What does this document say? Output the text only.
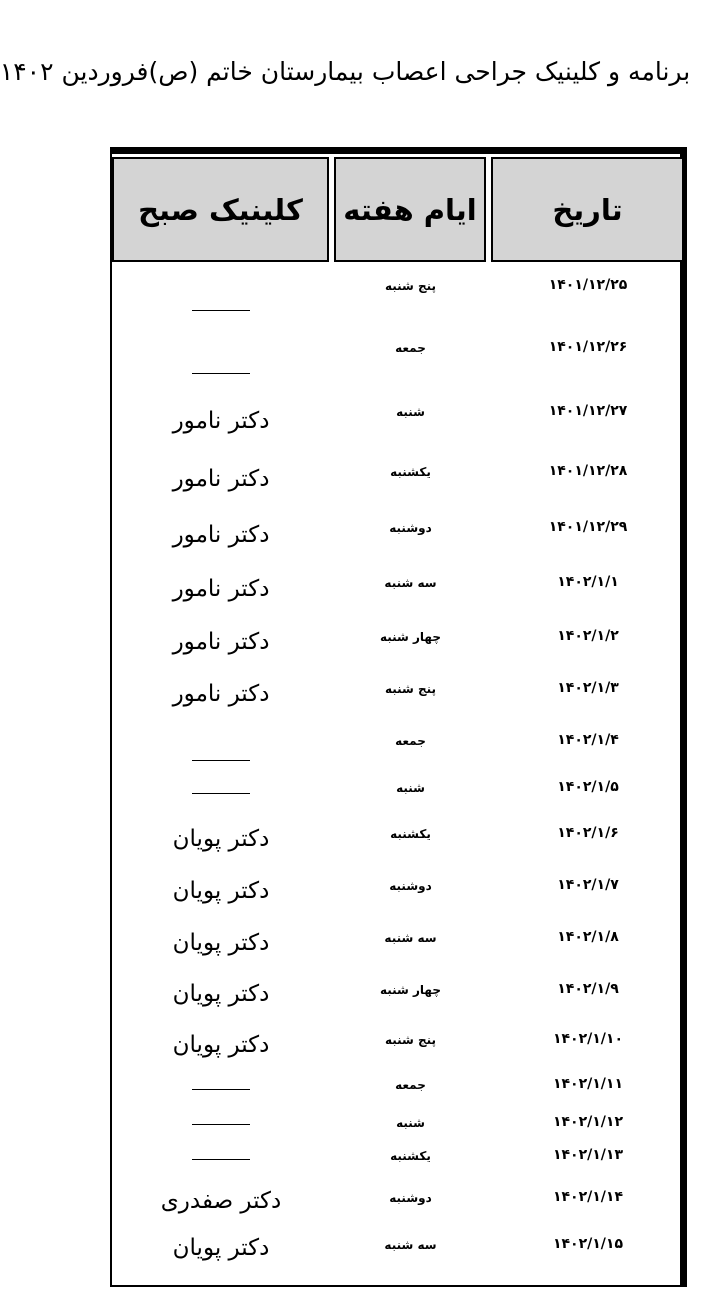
برنامه و کلینیک جراحی اعصاب بیمارستان خاتم (ص)فروردین ۱۴۰۲
کلینیک صبح	ایام هفته	تاریخ

	پنج شنبه	۱۴۰۱/۱۲/۲۵

	جمعه	۱۴۰۱/۱۲/۲۶

دکتر نامور	شنبه	۱۴۰۱/۱۲/۲۷

دکتر نامور	یکشنبه	۱۴۰۱/۱۲/۲۸

دکتر نامور	دوشنبه	۱۴۰۱/۱۲/۲۹

دکتر نامور	سه شنبه	۱۴۰۲/۱/۱

دکتر نامور	چهار شنبه	۱۴۰۲/۱/۲

دکتر نامور	پنج شنبه	۱۴۰۲/۱/۳

	جمعه	۱۴۰۲/۱/۴

	شنبه	۱۴۰۲/۱/۵

دکتر پویان	یکشنبه	۱۴۰۲/۱/۶

دکتر پویان	دوشنبه	۱۴۰۲/۱/۷

دکتر پویان	سه شنبه	۱۴۰۲/۱/۸

دکتر پویان	چهار شنبه	۱۴۰۲/۱/۹

دکتر پویان	پنج شنبه	۱۴۰۲/۱/۱۰

	جمعه	۱۴۰۲/۱/۱۱

	شنبه	۱۴۰۲/۱/۱۲

	یکشنبه	۱۴۰۲/۱/۱۳

دکتر صفدری	دوشنبه	۱۴۰۲/۱/۱۴

دکتر پویان	سه شنبه	۱۴۰۲/۱/۱۵
